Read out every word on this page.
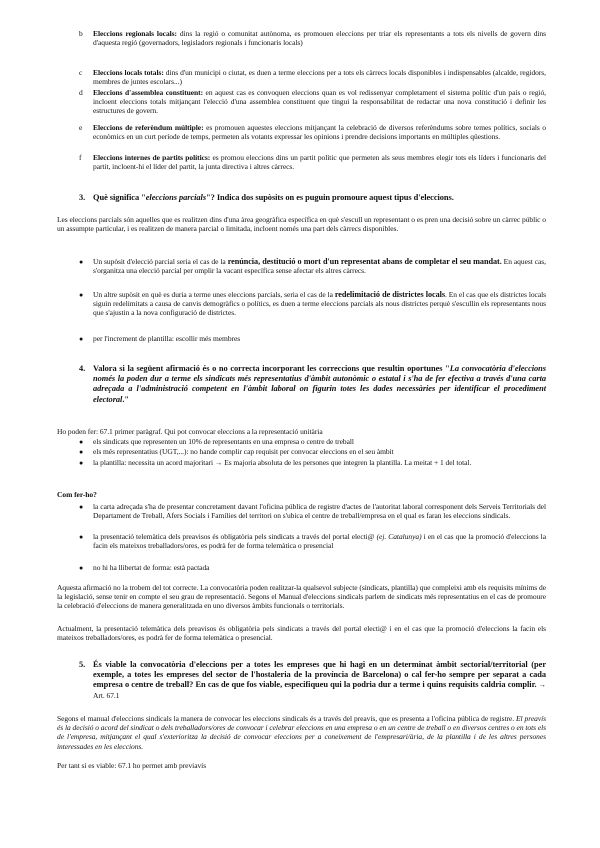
b Eleccions regionals locals: dins la regió o comunitat autònoma, es promouen eleccions per triar els representants a tots els nivells de govern dins d'aquesta regió (governadors, legisladors regionals i funcionaris locals)

c Eleccions locals totals: dins d'un municipi o ciutat, es duen a terme eleccions per a tots els càrrecs locals disponibles i indispensables (alcalde, regidors, membres de juntes escolars...)

d Eleccions d'assemblea constituent: en aquest cas es convoquen eleccions quan es vol redissenyar completament el sistema polític d'un país o regió, incloent eleccions totals mitjançant l'elecció d'una assemblea constituent que tingui la responsabilitat de redactar una nova constitució i definir les estructures de govern.

e Eleccions de referèndum múltiple: es promouen aquestes eleccions mitjançant la celebració de diversos referèndums sobre temes polítics, socials o econòmics en un curt període de temps, permeten als votants expressar les opinions i prendre decisions importants en múltiples qüestions.

f Eleccions internes de partits polítics: es promou eleccions dins un partit polític que permeten als seus membres elegir tots els líders i funcionaris del partit, incloent-hi el líder del partit, la junta directiva i altres càrrecs.

3. Què significa "eleccions parcials"? Indica dos supòsits on es puguin promoure aquest tipus d'eleccions.

Les eleccions parcials són aquelles que es realitzen dins d'una àrea geogràfica específica en què s'escull un representant o es pren una decisió sobre un càrrec públic o un assumpte particular, i es realitzen de manera parcial o limitada, incloent només una part dels càrrecs disponibles.

● Un supòsit d'elecció parcial seria el cas de la renúncia, destitució o mort d'un representat abans de completar el seu mandat. En aquest cas, s'organitza una elecció parcial per omplir la vacant específica sense afectar els altres càrrecs.

● Un altre supòsit en què es duria a terme unes eleccions parcials, seria el cas de la redelimitació de districtes locals. En el cas que els districtes locals siguin redelimitats a causa de canvis demogràfics o polítics, es duen a terme eleccions parcials als nous districtes perquè s'escullin els representants nous que s'ajustin a la nova configuració de districtes.

● per l'increment de plantilla: escollir més membres

4. Valora si la següent afirmació és o no correcta incorporant les correccions que resultin oportunes "La convocatòria d'eleccions només la poden dur a terme els sindicats més representatius d'àmbit autonòmic o estatal i s'ha de fer efectiva a través d'una carta adreçada a l'administració competent en l'àmbit laboral on figurin totes les dades necessàries per identificar el procediment electoral."

Ho poden fer: 67.1 primer paràgraf. Qui pot convocar eleccions a la representació unitària

● els sindicats que representen un 10% de representants en una empresa o centre de treball

● els més representatius (UGT,...): no hande complir cap requisit per convocar eleccions en el seu àmbit

● la plantilla: necessita un acord majoritari → Es majoria absoluta de les persones que integren la plantilla. La meitat + 1 del total.

Com fer-ho?

● la carta adreçada s'ha de presentar concretament davant l'oficina pública de registre d'actes de l'autoritat laboral corresponent dels Serveis Territorials del Departament de Treball, Afers Socials i Famílies del territori on s'ubica el centre de treball/empresa en el qual es faran les eleccions sindicals.

● la presentació telemàtica dels preavisos és obligatòria pels sindicats a través del portal electi@ (ej. Catalunya) i en el cas que la promoció d'eleccions la facin els mateixos treballadors/ores, es podrà fer de forma telemàtica o presencial

● no hi ha llibertat de forma: està pactada

Aquesta afirmació no la trobem del tot correcte. La convocatòria poden realitzar-la qualsevol subjecte (sindicats, plantilla) que compleixi amb els requisits mínims de la legislació, sense tenir en compte el seu grau de representació. Segons el Manual d'eleccions sindicals parlem de sindicats més representatius en el cas de promoure la celebració d'eleccions de manera generalitzada en uno diversos àmbits funcionals o territorials.

Actualment, la presentació telemàtica dels preavisos és obligatòria pels sindicats a través del portal electi@ i en el cas que la promoció d'eleccions la facin els mateixos treballadors/ores, es podrà fer de forma telemàtica o presencial.

5. És viable la convocatòria d'eleccions per a totes les empreses que hi hagi en un determinat àmbit sectorial/territorial (per exemple, a totes les empreses del sector de l'hostaleria de la província de Barcelona) o cal fer-ho sempre per separat a cada empresa o centre de treball? En cas de que fos viable, especifiqueu qui la podria dur a terme i quins requisits caldria complir. → Art. 67.1

Segons el manual d'eleccions sindicals la manera de convocar les eleccions sindicals és a través del preavís, que es presenta a l'oficina pública de registre. El preavís és la decisió o acord del sindicat o dels treballadors/ores de convocar i celebrar eleccions en una empresa o en un centre de treball o en diversos centres o en tots els de l'empresa, mitjançant el qual s'exterioritza la decisió de convocar eleccions per a coneixement de l'empresari/ària, de la plantilla i de les altres persones interessades en les eleccions.

Per tant sí es viable: 67.1 ho permet amb previavís
